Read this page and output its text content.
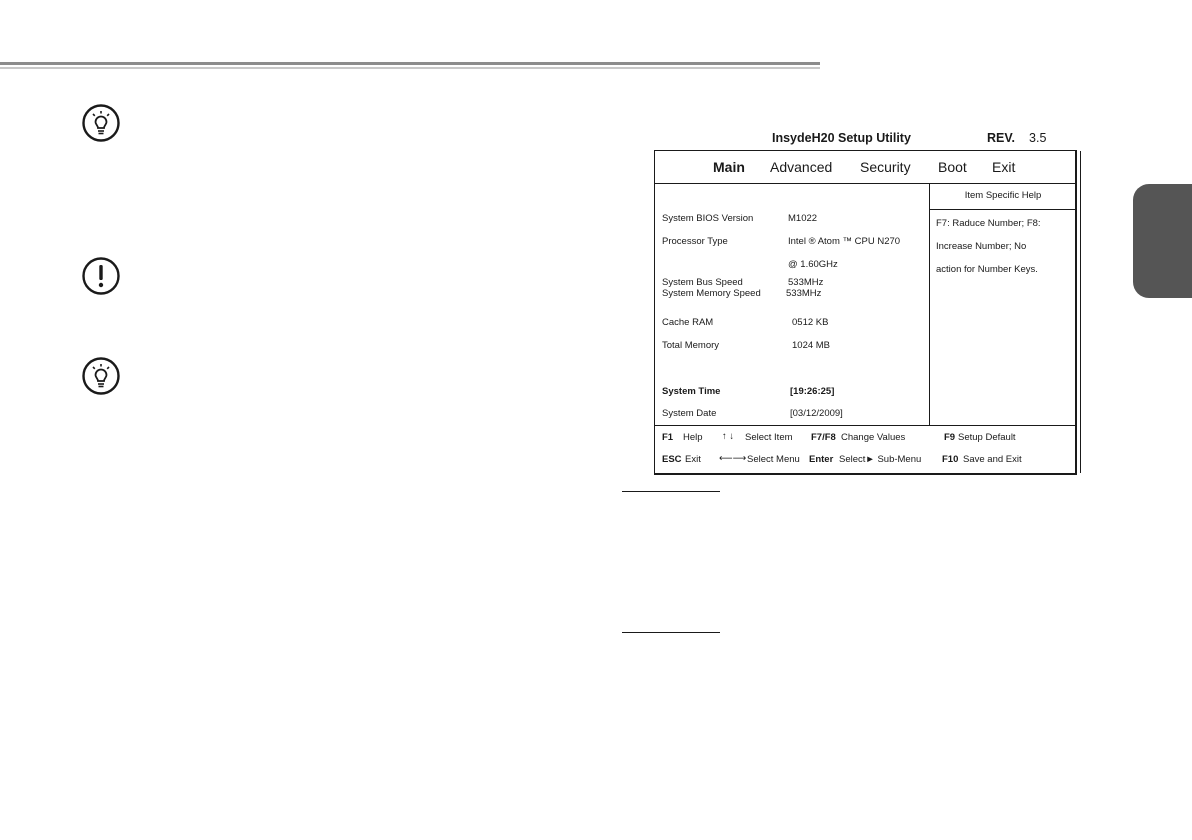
InsydeH20 Setup Utility	REV. 3.5
Main Advanced Security Boot Exit
System BIOS Version	M1022
Processor Type	Intel ® Atom ™ CPU N270
@ 1.60GHz
System Bus Speed	533MHz
System Memory Speed	533MHz
Cache RAM	0512 KB
Total Memory	1024 MB
System Time	[19:26:25]
System Date	[03/12/2009]
Item Specific Help
F7: Raduce Number; F8:
Increase Number; No
action for Number Keys.
F1 Help ↑ ↓ Select Item F7/F8 Change Values	F9 Setup Default
ESC Exit ⟵⟶ Select Menu Enter Select► Sub-Menu F10 Save and Exit
